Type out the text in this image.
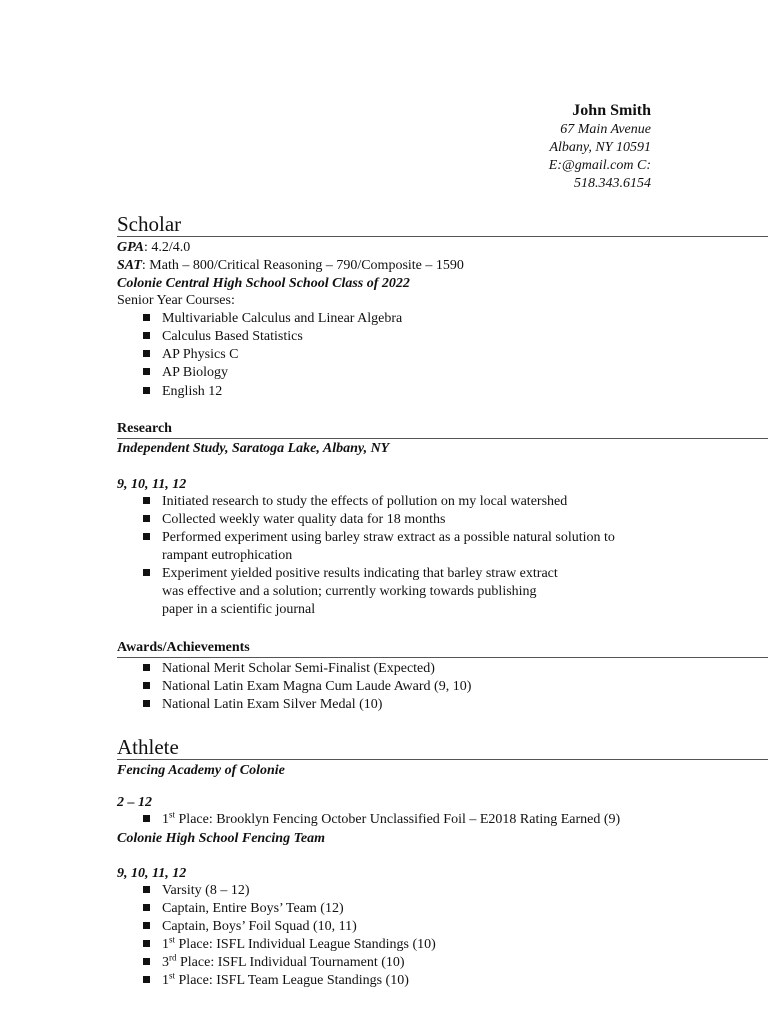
John Smith
67 Main Avenue
Albany, NY 10591
E:@gmail.com C:
518.343.6154
Scholar
GPA: 4.2/4.0
SAT: Math – 800/Critical Reasoning – 790/Composite – 1590
Colonie Central High School School Class of 2022
Senior Year Courses:
Multivariable Calculus and Linear Algebra
Calculus Based Statistics
AP Physics C
AP Biology
English 12
Research
Independent Study, Saratoga Lake, Albany, NY
9, 10, 11, 12
Initiated research to study the effects of pollution on my local watershed
Collected weekly water quality data for 18 months
Performed experiment using barley straw extract as a possible natural solution to
rampant eutrophication
Experiment yielded positive results indicating that barley straw extract
was effective and a solution; currently working towards publishing
paper in a scientific journal
Awards/Achievements
National Merit Scholar Semi-Finalist (Expected)
National Latin Exam Magna Cum Laude Award (9, 10)
National Latin Exam Silver Medal (10)
Athlete
Fencing Academy of Colonie
2 – 12
1st Place: Brooklyn Fencing October Unclassified Foil – E2018 Rating Earned (9)
Colonie High School Fencing Team
9, 10, 11, 12
Varsity (8 – 12)
Captain, Entire Boys’ Team (12)
Captain, Boys’ Foil Squad (10, 11)
1st Place: ISFL Individual League Standings (10)
3rd Place: ISFL Individual Tournament (10)
1st Place: ISFL Team League Standings (10)
